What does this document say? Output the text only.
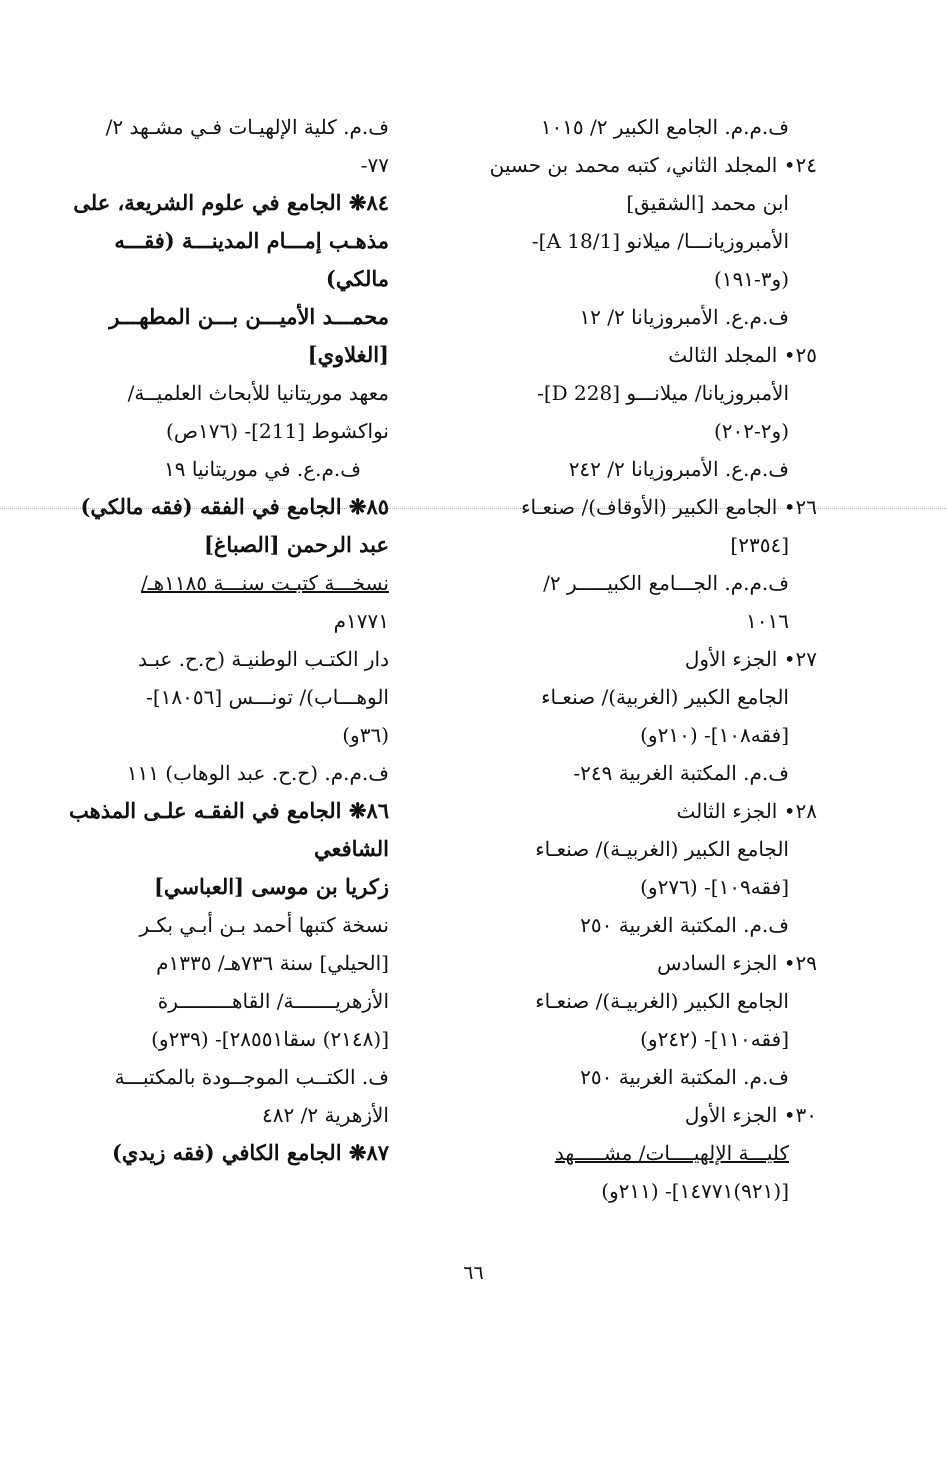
ف.م.م. الجامع الكبير ٢/ ١٠١٥
٢٤• المجلد الثاني، كتبه محمد بن حسين
ابن محمد [الشقيق]
الأمبروزيانـــا/ ميلانو [A 18/1]-
(و٣-١٩١)
ف.م.ع. الأمبروزيانا ٢/ ١٢
٢٥• المجلد الثالث
الأمبروزيانا/ ميلانـــو [D 228]-
(و٢-٢٠٢)
ف.م.ع. الأمبروزيانا ٢/ ٢٤٢
٢٦• الجامع الكبير (الأوقاف)/ صنعـاء
[٢٣٥٤]
ف.م.م. الجـــامع الكبيـــــر ٢/
١٠١٦
٢٧• الجزء الأول
الجامع الكبير (الغربية)/ صنعـاء
[فقه١٠٨]- (٢١٠و)
ف.م. المكتبة الغربية ٢٤٩-
٢٨• الجزء الثالث
الجامع الكبير (الغربيـة)/ صنعـاء
[فقه١٠٩]- (٢٧٦و)
ف.م. المكتبة الغربية ٢٥٠
٢٩• الجزء السادس
الجامع الكبير (الغربيـة)/ صنعـاء
[فقه١١٠]- (٢٤٢و)
ف.م. المكتبة الغربية ٢٥٠
٣٠• الجزء الأول
كليـــة الإلهيــــات/ مشـــــهد
[(٩٢١)١٤٧٧١]- (٢١١و)
ف.م. كلية الإلهيـات فـي مشـهد ٢/
٧٧-
٨٤❋ الجامع في علوم الشريعة، على
مذهـب إمـــام المدينـــة (فقـــه
مالكي)
محمـــد الأميـــن بـــن المطهـــر
[الغلاوي]
معهد موريتانيا للأبحاث العلميــة/
نواكشوط [211]- (١٧٦ص)
ف.م.ع. في موريتانيا ١٩
٨٥❋ الجامع في الفقه (فقه مالكي)
عبد الرحمن [الصباغ]
نسخـــة كتبـت سنـــة ١١٨٥هـ/
١٧٧١م
دار الكتـب الوطنيـة (ح.ح. عبـد
الوهـــاب)/ تونـــس [١٨٠٥٦]-
(٣٦و)
ف.م.م. (ح.ح. عبد الوهاب) ١١١
٨٦❋ الجامع في الفقـه علـى المذهب
الشافعي
زكريا بن موسى [العباسي]
نسخة كتبها أحمد بـن أبـي بكـر
[الحيلي] سنة ٧٣٦هـ/ ١٣٣٥م
الأزهريـــــــة/ القاهـــــــــرة
[(٢١٤٨) سقا٢٨٥٥١]- (٢٣٩و)
ف. الكتــب الموجــودة بالمكتبـــة
الأزهرية ٢/ ٤٨٢
٨٧❋ الجامع الكافي (فقه زيدي)
٦٦
